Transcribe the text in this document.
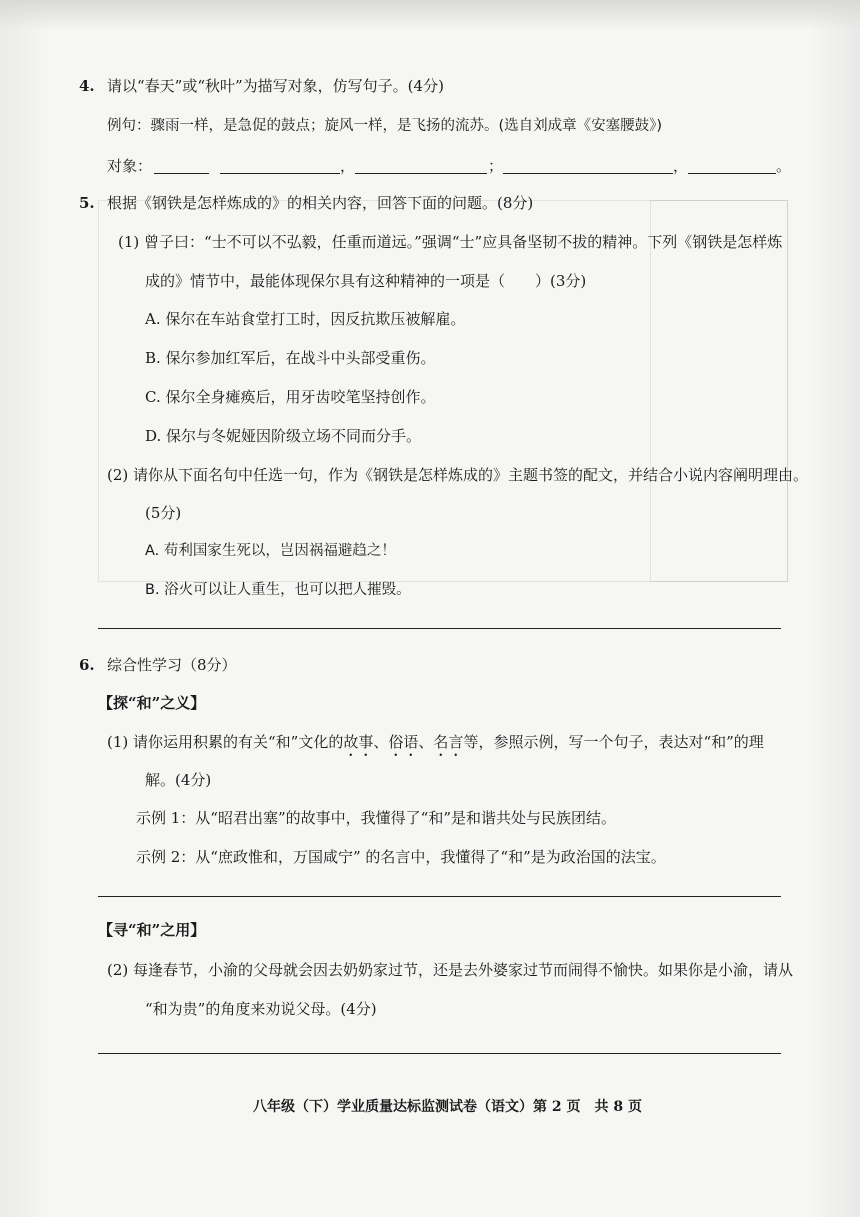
4. 请以“春天”或“秋叶”为描写对象，仿写句子。(4分)
例句：骤雨一样，是急促的鼓点；旋风一样，是飞扬的流苏。(选自刘成章《安塞腰鼓》)
对象：	，	；	，	。
5. 根据《钢铁是怎样炼成的》的相关内容，回答下面的问题。(8分)
(1) 曾子曰：“士不可以不弘毅，任重而道远。”强调“士”应具备坚韧不拔的精神。下列《钢铁是怎样炼
成的》情节中，最能体现保尔具有这种精神的一项是（　　）(3分)
A. 保尔在车站食堂打工时，因反抗欺压被解雇。
B. 保尔参加红军后，在战斗中头部受重伤。
C. 保尔全身瘫痪后，用牙齿咬笔坚持创作。
D. 保尔与冬妮娅因阶级立场不同而分手。
(2) 请你从下面名句中任选一句，作为《钢铁是怎样炼成的》主题书签的配文，并结合小说内容阐明理由。
(5分)
A. 苟利国家生死以，岂因祸福避趋之！
B. 浴火可以让人重生，也可以把人摧毁。
6. 综合性学习（8分）
【探“和”之义】
(1) 请你运用积累的有关“和”文化的故事、俗语、名言等，参照示例，写一个句子，表达对“和”的理
解。(4分)
示例 1：从“昭君出塞”的故事中，我懂得了“和”是和谐共处与民族团结。
示例 2：从“庶政惟和，万国咸宁” 的名言中，我懂得了“和”是为政治国的法宝。
【寻“和”之用】
(2) 每逢春节，小渝的父母就会因去奶奶家过节，还是去外婆家过节而闹得不愉快。如果你是小渝，请从
“和为贵”的角度来劝说父母。(4分)
八年级（下）学业质量达标监测试卷（语文）第 2 页　共 8 页
